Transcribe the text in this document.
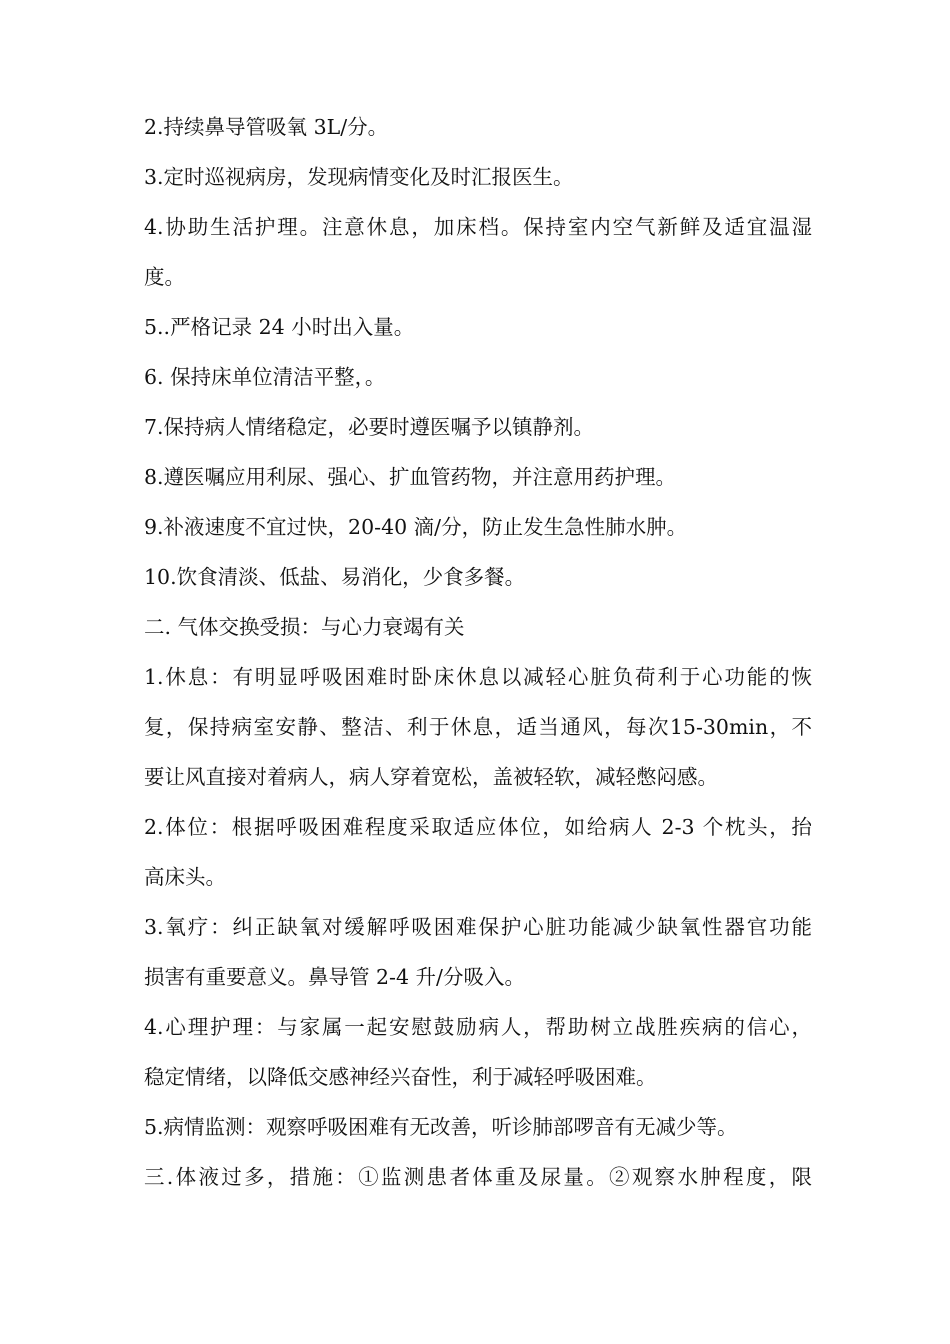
2.持续鼻导管吸氧 3L/分。
3.定时巡视病房，发现病情变化及时汇报医生。
4.协助生活护理。注意休息，加床档。保持室内空气新鲜及适宜温湿
度。
5..严格记录 24 小时出入量。
6. 保持床单位清洁平整，。
7.保持病人情绪稳定，必要时遵医嘱予以镇静剂。
8.遵医嘱应用利尿、强心、扩血管药物，并注意用药护理。
9.补液速度不宜过快，20-40 滴/分，防止发生急性肺水肿。
10.饮食清淡、低盐、易消化，少食多餐。
二. 气体交换受损：与心力衰竭有关
1.休息：有明显呼吸困难时卧床休息以减轻心脏负荷利于心功能的恢
复，保持病室安静、整洁、利于休息，适当通风，每次15-30min，不
要让风直接对着病人，病人穿着宽松，盖被轻软，减轻憋闷感。
2.体位：根据呼吸困难程度采取适应体位，如给病人 2-3 个枕头，抬
高床头。
3.氧疗：纠正缺氧对缓解呼吸困难保护心脏功能减少缺氧性器官功能
损害有重要意义。鼻导管 2-4 升/分吸入。
4.心理护理：与家属一起安慰鼓励病人，帮助树立战胜疾病的信心，
稳定情绪，以降低交感神经兴奋性，利于减轻呼吸困难。
5.病情监测：观察呼吸困难有无改善，听诊肺部啰音有无减少等。
三.体液过多，措施：①监测患者体重及尿量。②观察水肿程度，限
